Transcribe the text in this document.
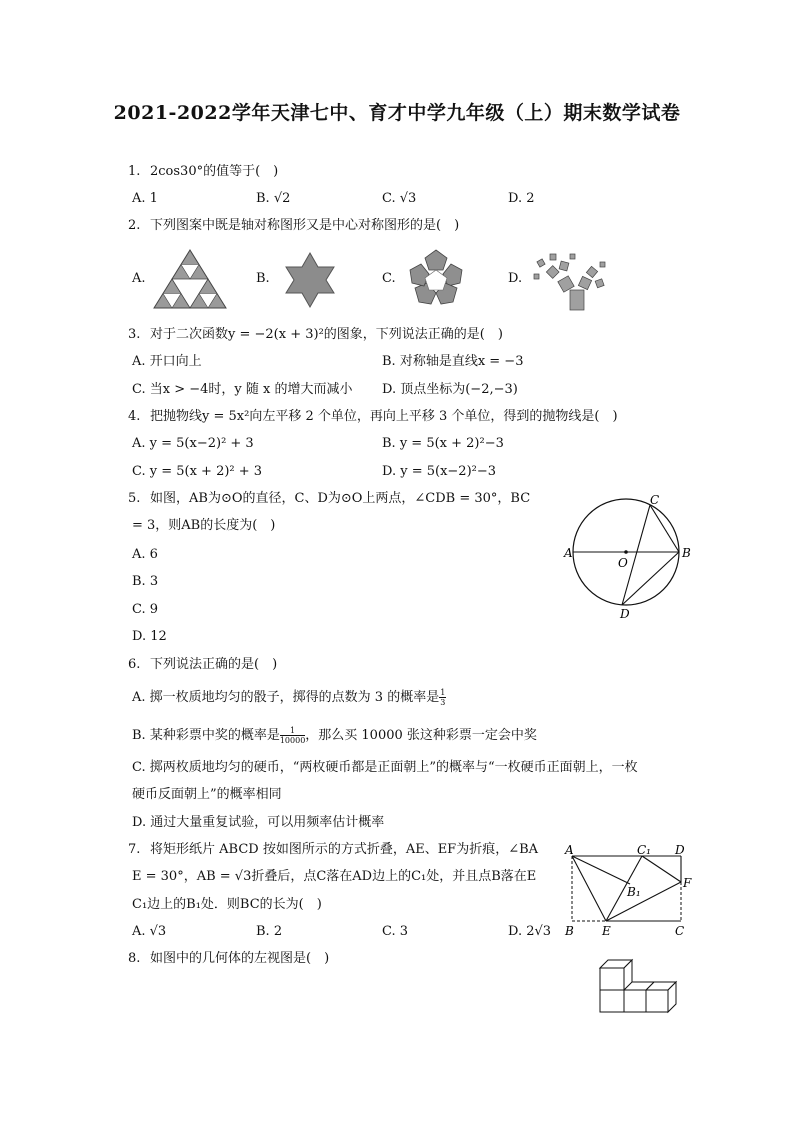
2021-2022学年天津七中、育才中学九年级（上）期末数学试卷
1. 2cos30°的值等于(　)
A. 1	B. √2	C. √3	D. 2
2. 下列图案中既是轴对称图形又是中心对称图形的是(　)
A.	B.	C.	D.
3. 对于二次函数y = −2(x + 3)²的图象，下列说法正确的是(　)
A. 开口向上	B. 对称轴是直线x = −3
C. 当x > −4时，y 随 x 的增大而减小 D. 顶点坐标为(−2,−3)
4. 把抛物线y = 5x²向左平移 2 个单位，再向上平移 3 个单位，得到的抛物线是(　)
A. y = 5(x−2)² + 3	B. y = 5(x + 2)²−3
C. y = 5(x + 2)² + 3	D. y = 5(x−2)²−3
5. 如图，AB为⊙O的直径，C、D为⊙O上两点，∠CDB = 30°，BC
= 3，则AB的长度为(　)
A. 6
B. 3
C. 9
D. 12
A	B
C
D
O
6. 下列说法正确的是(　)
A. 掷一枚质地均匀的骰子，掷得的点数为 3 的概率是 $\frac{1}{3}$
B. 某种彩票中奖的概率是 $\frac{1}{10000}$ ，那么买 10000 张这种彩票一定会中奖
C. 掷两枚质地均匀的硬币，“两枚硬币都是正面朝上”的概率与“一枚硬币正面朝上，一枚
硬币反面朝上”的概率相同
D. 通过大量重复试验，可以用频率估计概率
7. 将矩形纸片 ABCD 按如图所示的方式折叠，AE、EF为折痕，∠BA
E = 30°，AB = √3折叠后，点C落在AD边上的C₁处，并且点B落在E
C₁边上的B₁处．则BC的长为(　)
A. √3	B. 2	C. 3	D. 2√3
A	C₁ D
B₁
F
B E	C
8. 如图中的几何体的左视图是(　)
